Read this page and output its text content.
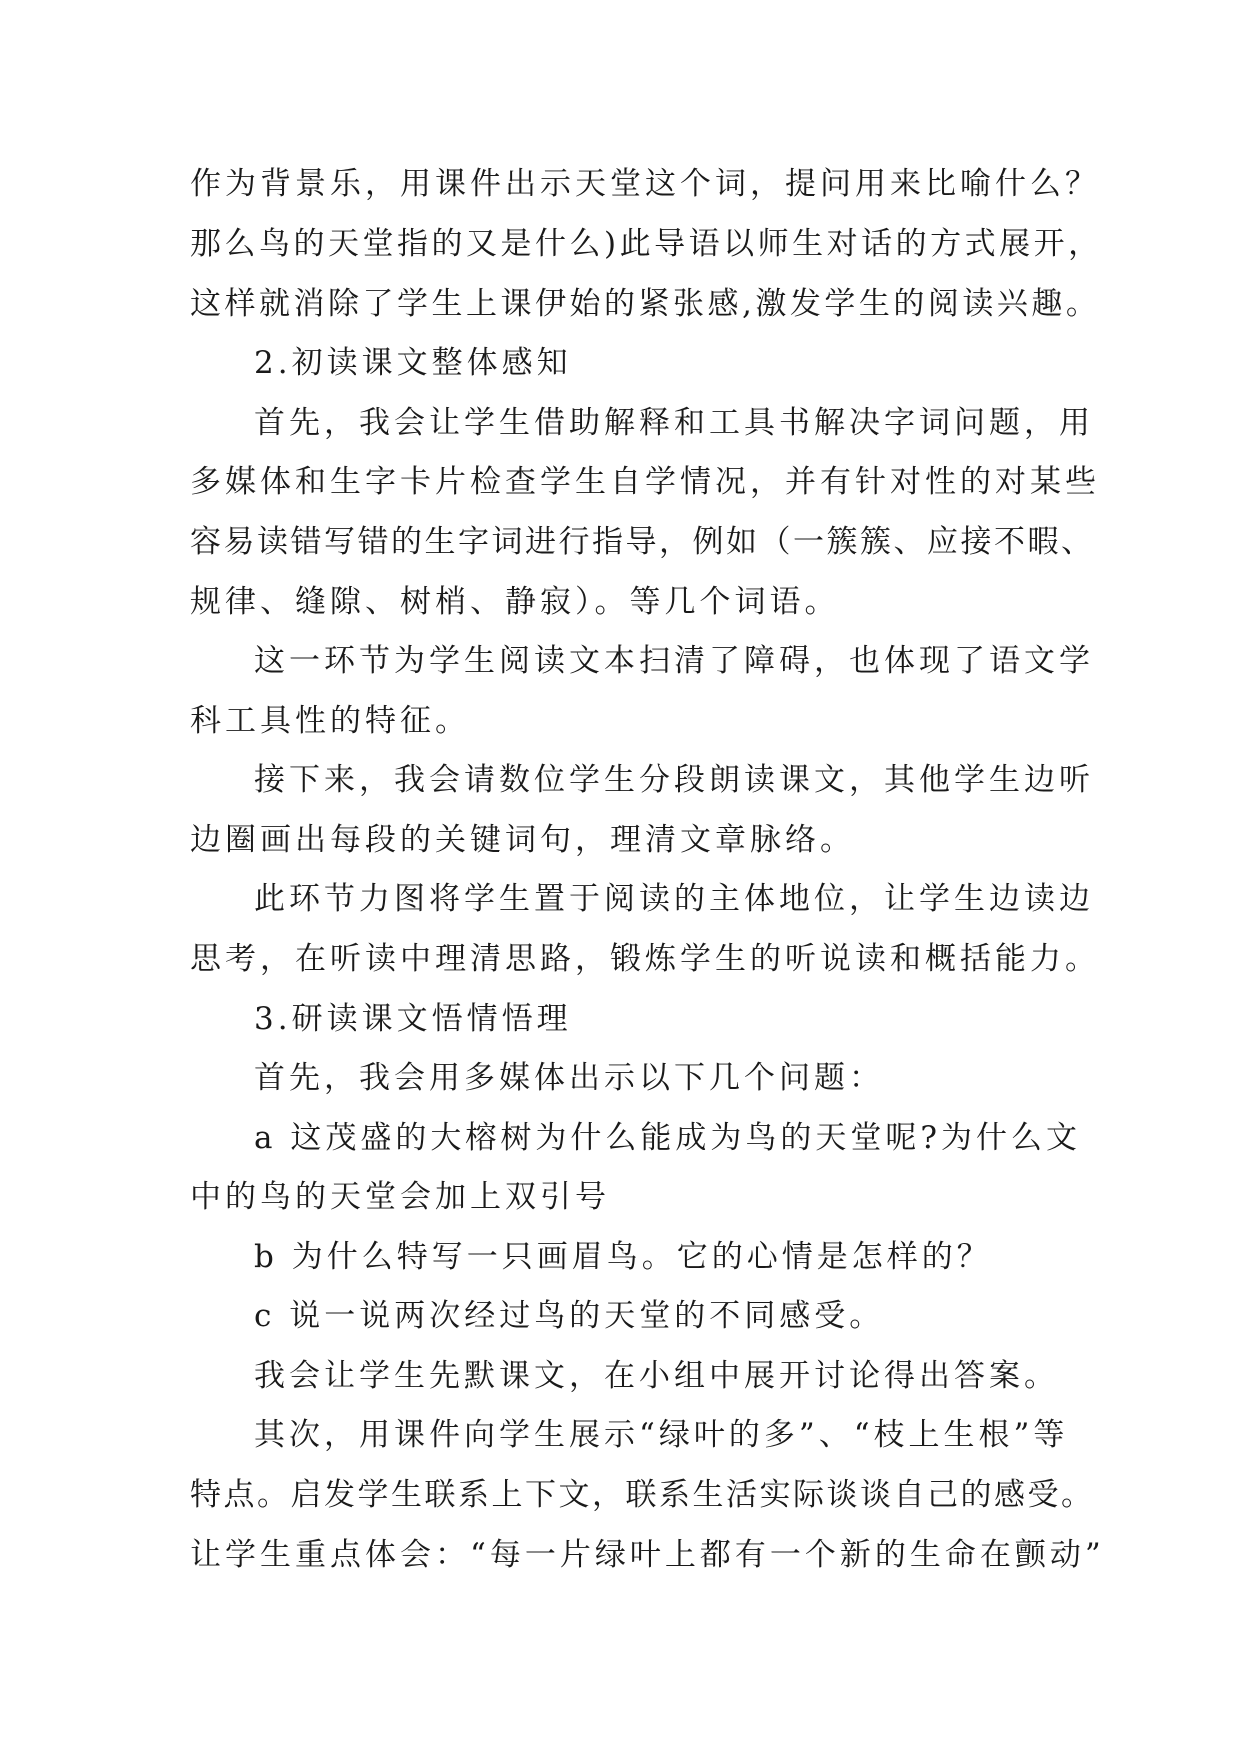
作为背景乐，用课件出示天堂这个词，提问用来比喻什么？
那么鸟的天堂指的又是什么)此导语以师生对话的方式展开，
这样就消除了学生上课伊始的紧张感,激发学生的阅读兴趣。
2.初读课文整体感知
首先，我会让学生借助解释和工具书解决字词问题，用
多媒体和生字卡片检查学生自学情况，并有针对性的对某些
容易读错写错的生字词进行指导，例如（一簇簇、应接不暇、
规律、缝隙、树梢、静寂）。等几个词语。
这一环节为学生阅读文本扫清了障碍，也体现了语文学
科工具性的特征。
接下来，我会请数位学生分段朗读课文，其他学生边听
边圈画出每段的关键词句，理清文章脉络。
此环节力图将学生置于阅读的主体地位，让学生边读边
思考，在听读中理清思路，锻炼学生的听说读和概括能力。
3.研读课文悟情悟理
首先，我会用多媒体出示以下几个问题：
a 这茂盛的大榕树为什么能成为鸟的天堂呢?为什么文
中的鸟的天堂会加上双引号
b 为什么特写一只画眉鸟。它的心情是怎样的？
c 说一说两次经过鸟的天堂的不同感受。
我会让学生先默课文，在小组中展开讨论得出答案。
其次，用课件向学生展示“绿叶的多”、“枝上生根”等
特点。启发学生联系上下文，联系生活实际谈谈自己的感受。
让学生重点体会：“每一片绿叶上都有一个新的生命在颤动”
